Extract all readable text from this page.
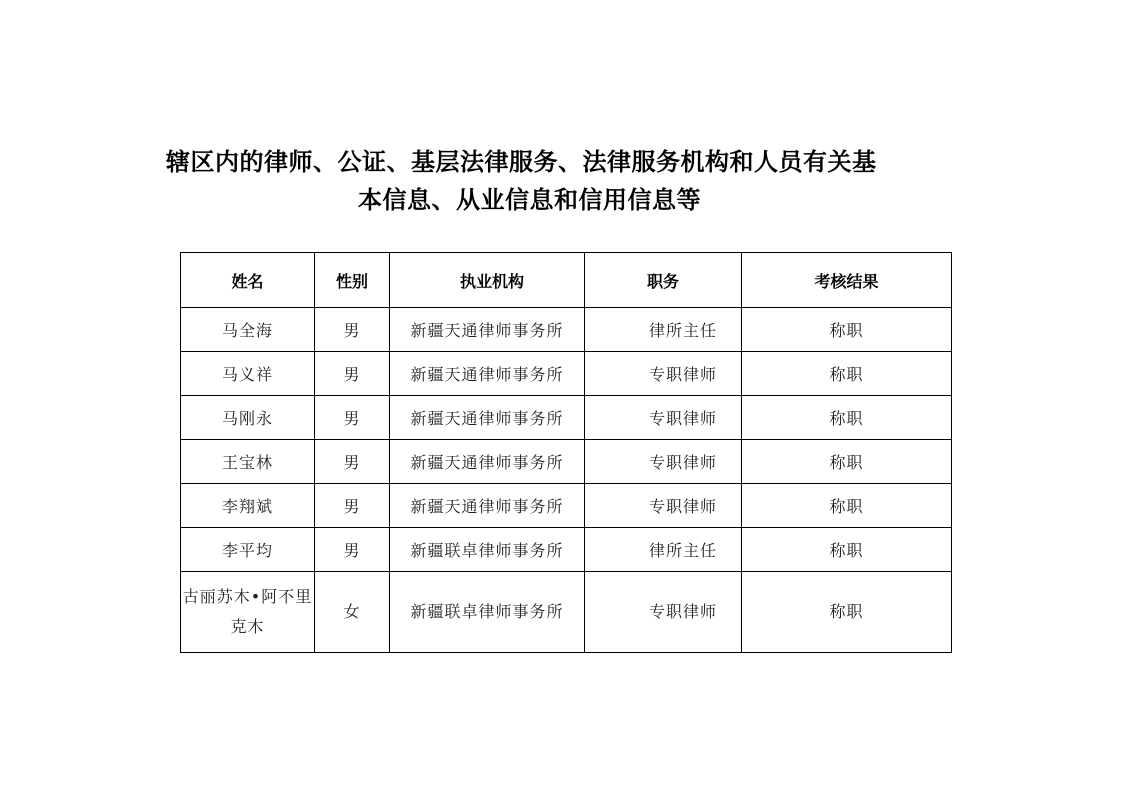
辖区内的律师、公证、基层法律服务、法律服务机构和人员有关基
本信息、从业信息和信用信息等
姓名	性别	执业机构	职务	考核结果
马全海	男	新疆天通律师事务所	律所主任	称职
马义祥	男	新疆天通律师事务所	专职律师	称职
马刚永	男	新疆天通律师事务所	专职律师	称职
王宝林	男	新疆天通律师事务所	专职律师	称职
李翔斌	男	新疆天通律师事务所	专职律师	称职
李平均	男	新疆联卓律师事务所	律所主任	称职
古丽苏木•阿不里克木	女	新疆联卓律师事务所	专职律师	称职
